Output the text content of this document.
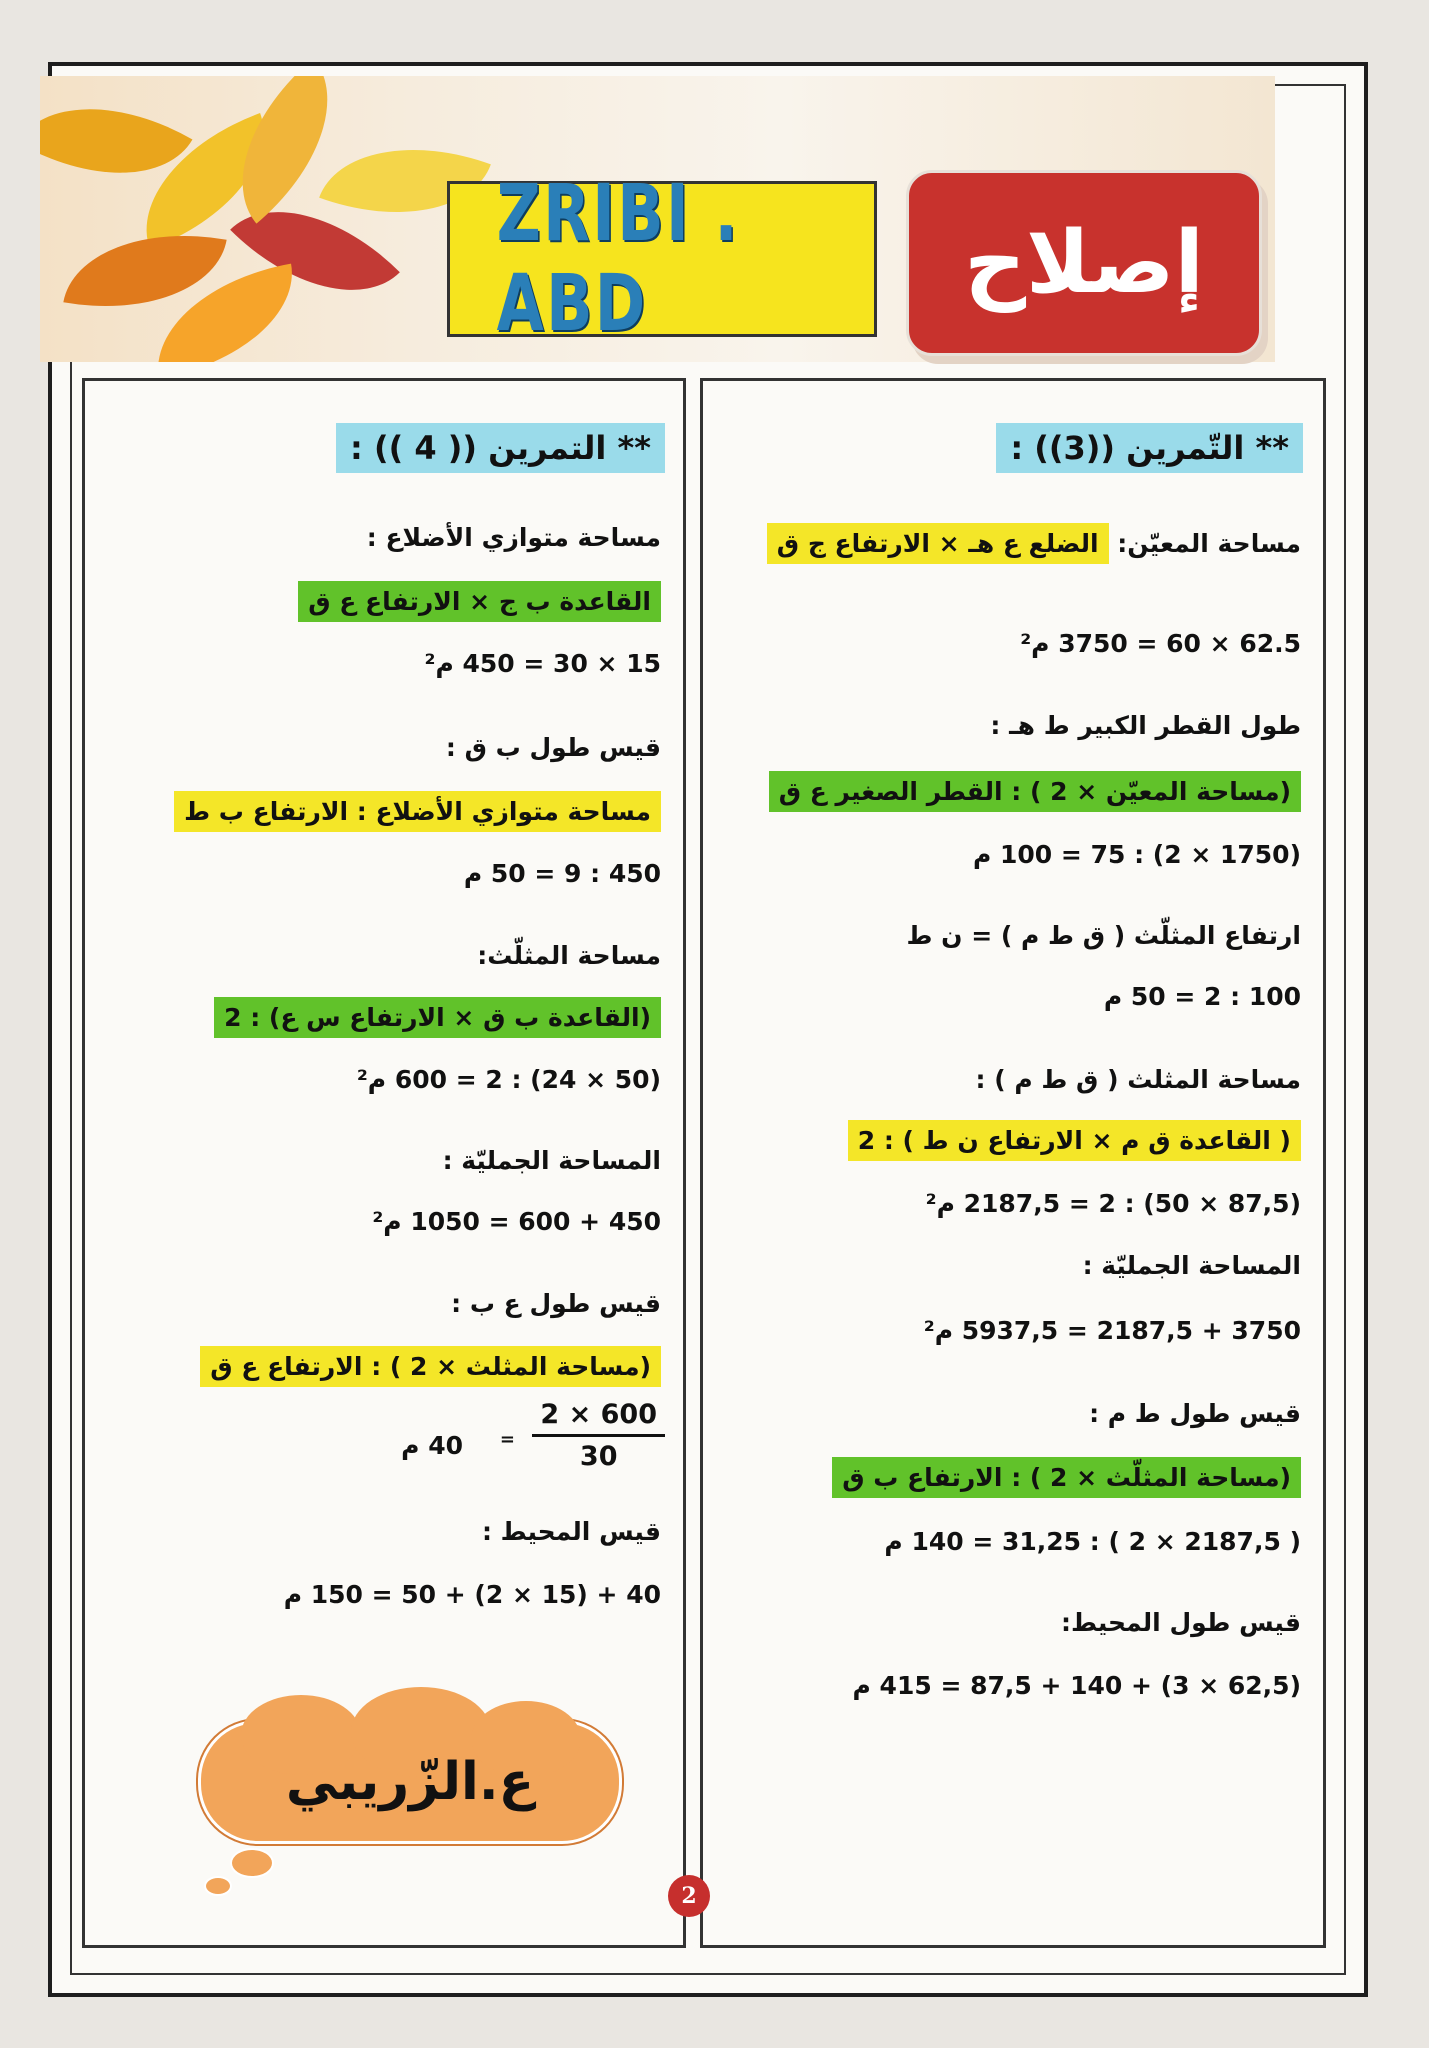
ZRIBI . ABD	إصلاح
** التّمرين ((3)) :
مساحة المعيّن: الضلع ع هـ × الارتفاع ج ق
62.5 × 60 = 3750 م²
طول القطر الكبير ط هـ :
(مساحة المعيّن × 2 ) : القطر الصغير ع ق
(1750 × 2) : 75 = 100 م
ارتفاع المثلّث ( ق ط م ) = ن ط
100 : 2 = 50 م
مساحة المثلث ( ق ط م ) :
( القاعدة ق م × الارتفاع ن ط ) : 2
(87,5 × 50) : 2 = 2187,5 م²
المساحة الجمليّة :
3750 + 2187,5 = 5937,5 م²
قيس طول ط م :
(مساحة المثلّث × 2 ) : الارتفاع ب ق
( 2187,5 × 2 ) : 31,25 = 140 م
قيس طول المحيط:
(62,5 × 3) + 140 + 87,5 = 415 م
** التمرين (( 4 )) :
مساحة متوازي الأضلاع :
القاعدة ب ج × الارتفاع ع ق
15 × 30 = 450 م²
قيس طول ب ق :
مساحة متوازي الأضلاع : الارتفاع ب ط
450 : 9 = 50 م
مساحة المثلّث:
(القاعدة ب ق × الارتفاع س ع) : 2
(50 × 24) : 2 = 600 م²
المساحة الجمليّة :
450 + 600 = 1050 م²
قيس طول ع ب :
(مساحة المثلث × 2 ) : الارتفاع ع ق
$\frac{600 \times 2}{30}$
=
40 م
قيس المحيط :
40 + (15 × 2) + 50 = 150 م
ع.الزّريبي
2
